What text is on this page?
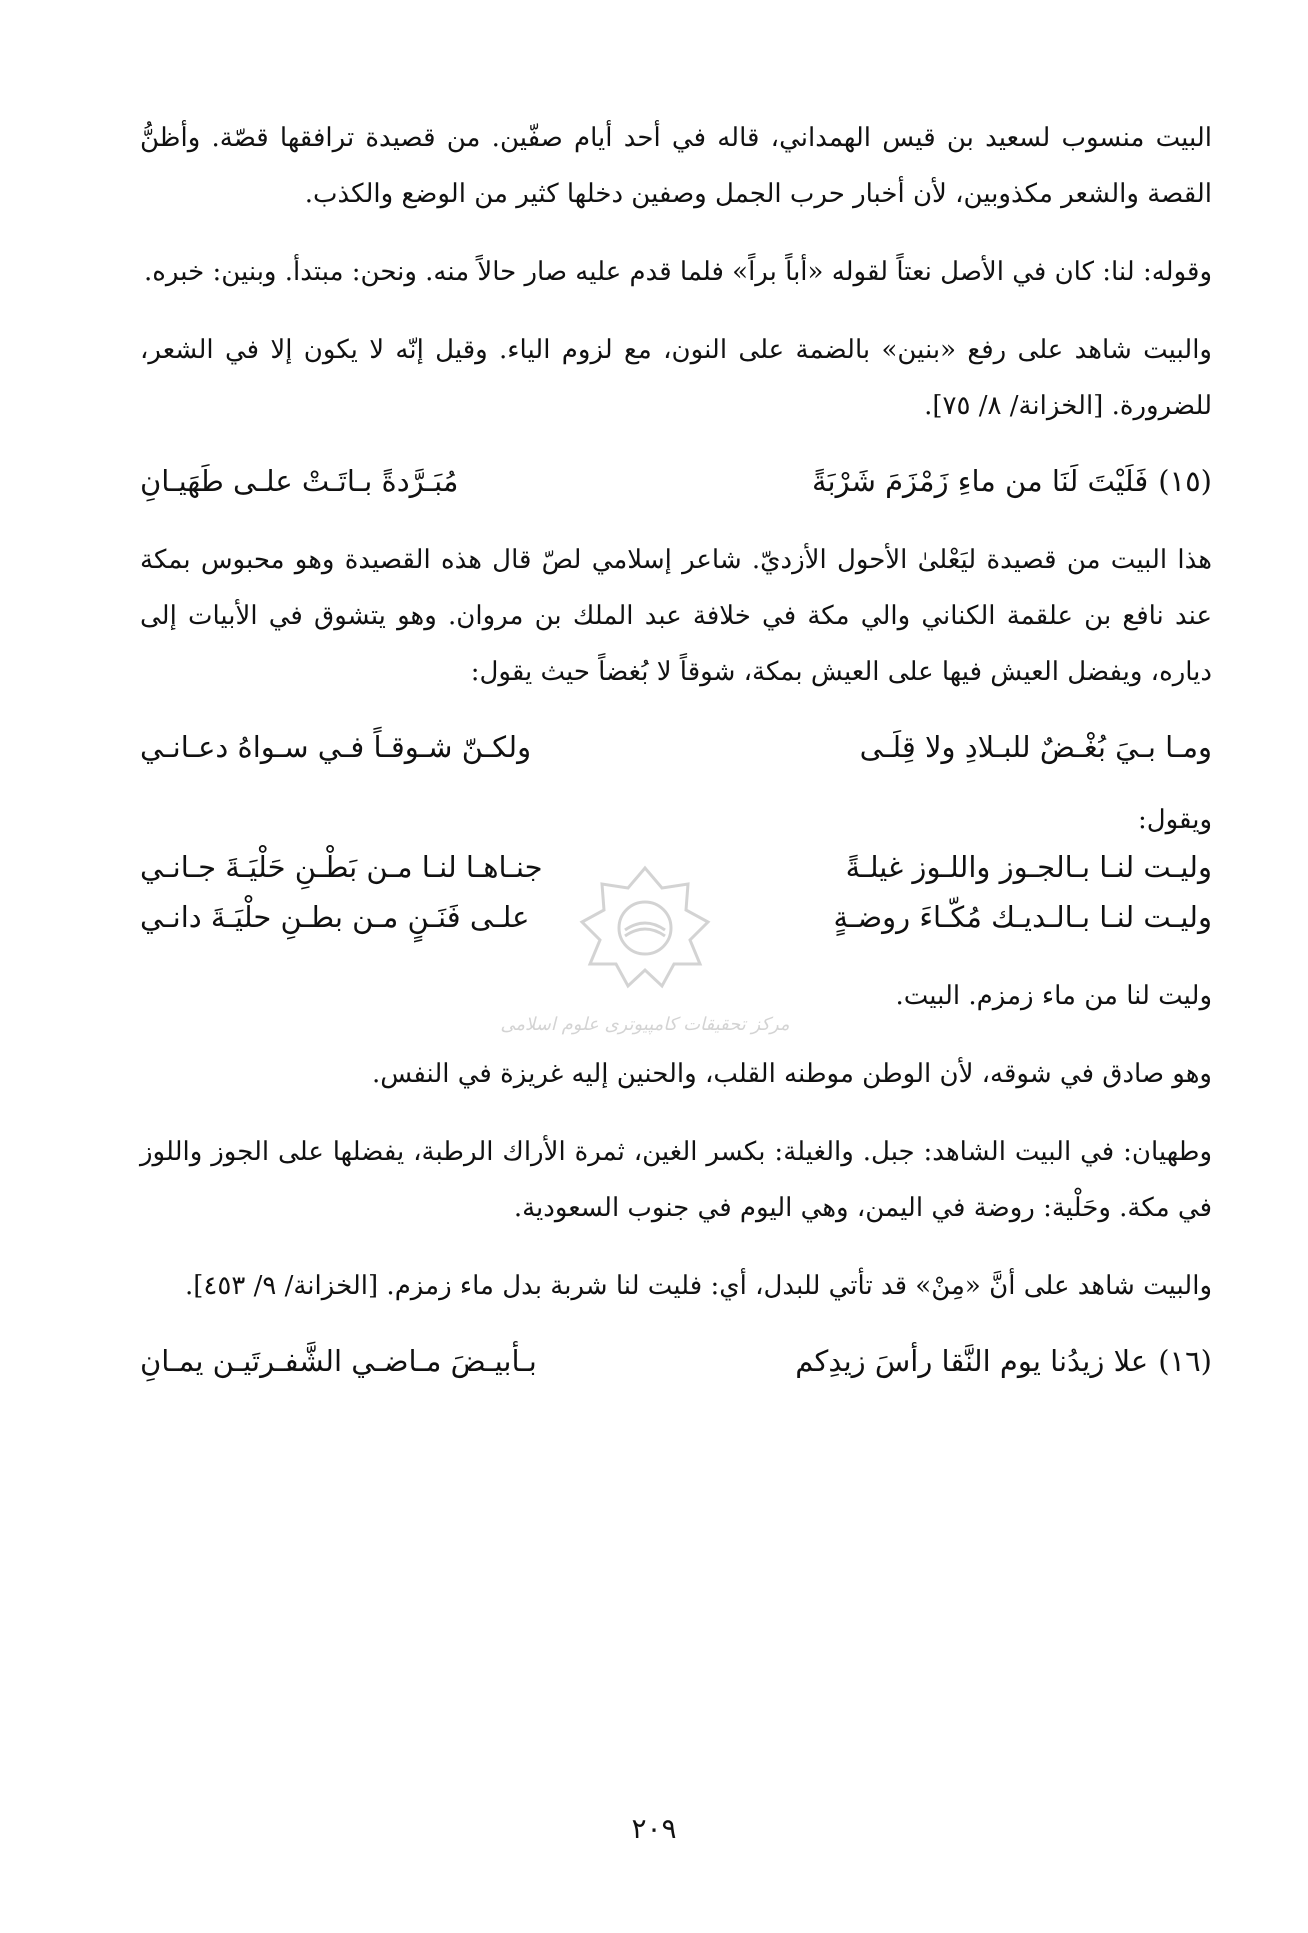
البيت منسوب لسعيد بن قيس الهمداني، قاله في أحد أيام صفّين. من قصيدة ترافقها قصّة. وأظنُّ القصة والشعر مكذوبين، لأن أخبار حرب الجمل وصفين دخلها كثير من الوضع والكذب.

وقوله: لنا: كان في الأصل نعتاً لقوله «أباً براً» فلما قدم عليه صار حالاً منه. ونحن: مبتدأ. وبنين: خبره.

والبيت شاهد على رفع «بنين» بالضمة على النون، مع لزوم الياء. وقيل إنّه لا يكون إلا في الشعر، للضرورة. [الخزانة/ ٨/ ٧٥].

(١٥)
فَلَيْتَ لَنَا من ماءِ زَمْزَمَ شَرْبَةً
مُبَـرَّدةً بـاتَـتْ علـى طَهَيـانِ

هذا البيت من قصيدة ليَعْلىٰ الأحول الأزديّ. شاعر إسلامي لصّ قال هذه القصيدة وهو محبوس بمكة عند نافع بن علقمة الكناني والي مكة في خلافة عبد الملك بن مروان. وهو يتشوق في الأبيات إلى دياره، ويفضل العيش فيها على العيش بمكة، شوقاً لا بُغضاً حيث يقول:

ومـا بـيَ بُغْـضٌ للبـلادِ ولا قِلَـى
ولكـنّ شـوقـاً فـي سـواهُ دعـانـي

ويقول:

وليـت لنـا بـالجـوز واللـوز غيلـةً
جنـاهـا لنـا مـن بَطْـنِ حَلْيَـةَ جـانـي
وليـت لنـا بـالـديـك مُكّـاءَ روضـةٍ
علـى فَنَـنٍ مـن بطـنِ حلْيَـةَ دانـي

وليت لنا من ماء زمزم. البيت.

وهو صادق في شوقه، لأن الوطن موطنه القلب، والحنين إليه غريزة في النفس.

وطهيان: في البيت الشاهد: جبل. والغيلة: بكسر الغين، ثمرة الأراك الرطبة، يفضلها على الجوز واللوز في مكة. وحَلْية: روضة في اليمن، وهي اليوم في جنوب السعودية.

والبيت شاهد على أنَّ «مِنْ» قد تأتي للبدل، أي: فليت لنا شربة بدل ماء زمزم. [الخزانة/ ٩/ ٤٥٣].

(١٦)
علا زيدُنا يوم النَّقا رأسَ زيدِكم
بـأبيـضَ مـاضـي الشَّفـرتَيـن يمـانِ
مرکز تحقیقات کامپیوتری علوم اسلامی
٢٠٩
